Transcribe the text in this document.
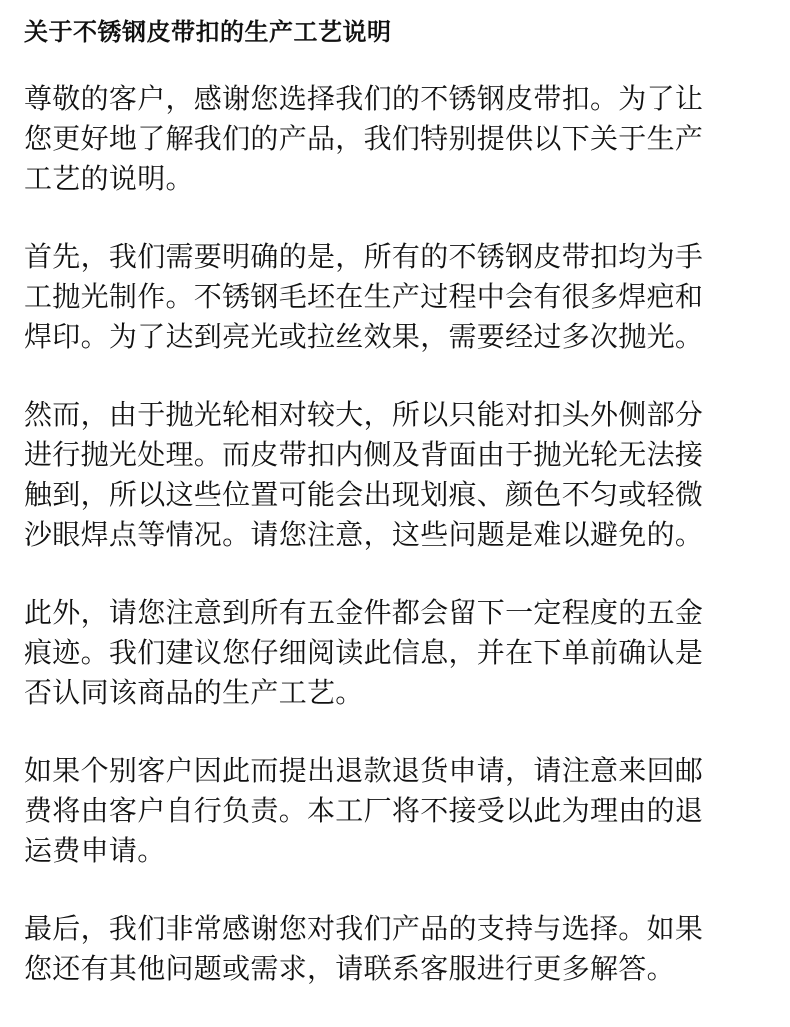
关于不锈钢皮带扣的生产工艺说明
尊敬的客户，感谢您选择我们的不锈钢皮带扣。为了让
您更好地了解我们的产品，我们特别提供以下关于生产
工艺的说明。
首先，我们需要明确的是，所有的不锈钢皮带扣均为手
工抛光制作。不锈钢毛坯在生产过程中会有很多焊疤和
焊印。为了达到亮光或拉丝效果，需要经过多次抛光。
然而，由于抛光轮相对较大，所以只能对扣头外侧部分
进行抛光处理。而皮带扣内侧及背面由于抛光轮无法接
触到，所以这些位置可能会出现划痕、颜色不匀或轻微
沙眼焊点等情况。请您注意，这些问题是难以避免的。
此外，请您注意到所有五金件都会留下一定程度的五金
痕迹。我们建议您仔细阅读此信息，并在下单前确认是
否认同该商品的生产工艺。
如果个别客户因此而提出退款退货申请，请注意来回邮
费将由客户自行负责。本工厂将不接受以此为理由的退
运费申请。
最后，我们非常感谢您对我们产品的支持与选择。如果
您还有其他问题或需求，请联系客服进行更多解答。
